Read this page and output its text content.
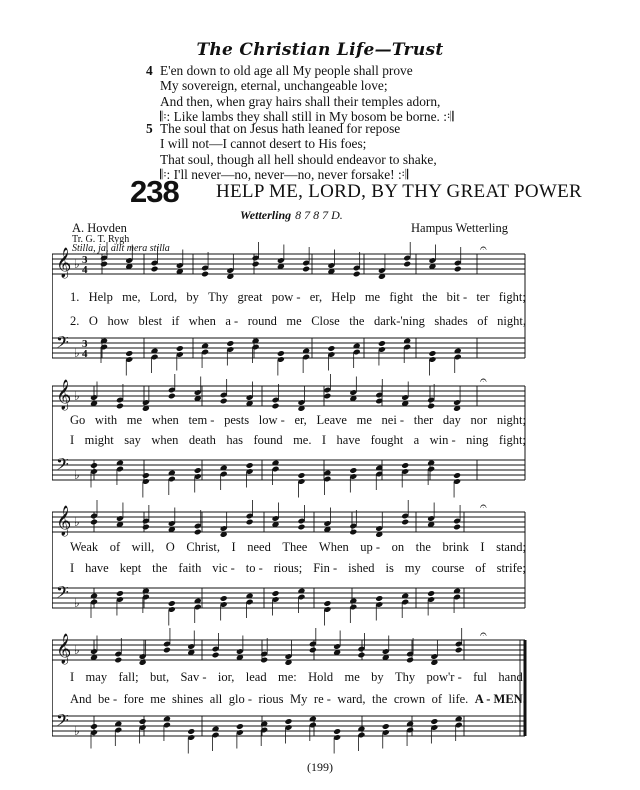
The Christian Life—Trust
4 E'en down to old age all My people shall prove
My sovereign, eternal, unchangeable love;
And then, when gray hairs shall their temples adorn,
𝄆: Like lambs they shall still in My bosom be borne. :𝄇
5 The soul that on Jesus hath leaned for repose
I will not—I cannot desert to His foes;
That soul, though all hell should endeavor to shake,
𝄆: I'll never—no, never—no, never forsake! :𝄇
238 HELP ME, LORD, BY THY GREAT POWER
Wetterling 8 7 8 7 D.
A. Hovden
Tr. G. T. Rygh
Stilla, ja, allt mera stilla
Hampus Wetterling
𝄞
𝄢
♭
♭
3
4
3
4
𝄐
𝄞
𝄢
♭
♭
𝄐
𝄞
𝄢
♭
♭
𝄐
𝄞
𝄢
♭
♭
𝄐
1. Help me, Lord, by Thy great pow - er, Help me fight the bit - ter fight;
2. O how blest if when a - round me Close the dark-'ning shades of night,
Go with me when tem - pests low - er, Leave me nei - ther day nor night;
I might say when death has found me. I have fought a win - ning fight;
Weak of will, O Christ, I need Thee When up - on the brink I stand;
I have kept the faith vic - to - rious; Fin - ished is my course of strife;
I may fall; but, Sav - ior, lead me: Hold me by Thy pow'r - ful hand.
And be - fore me shines all glo - rious My re - ward, the crown of life. A - MEN.
(199)
